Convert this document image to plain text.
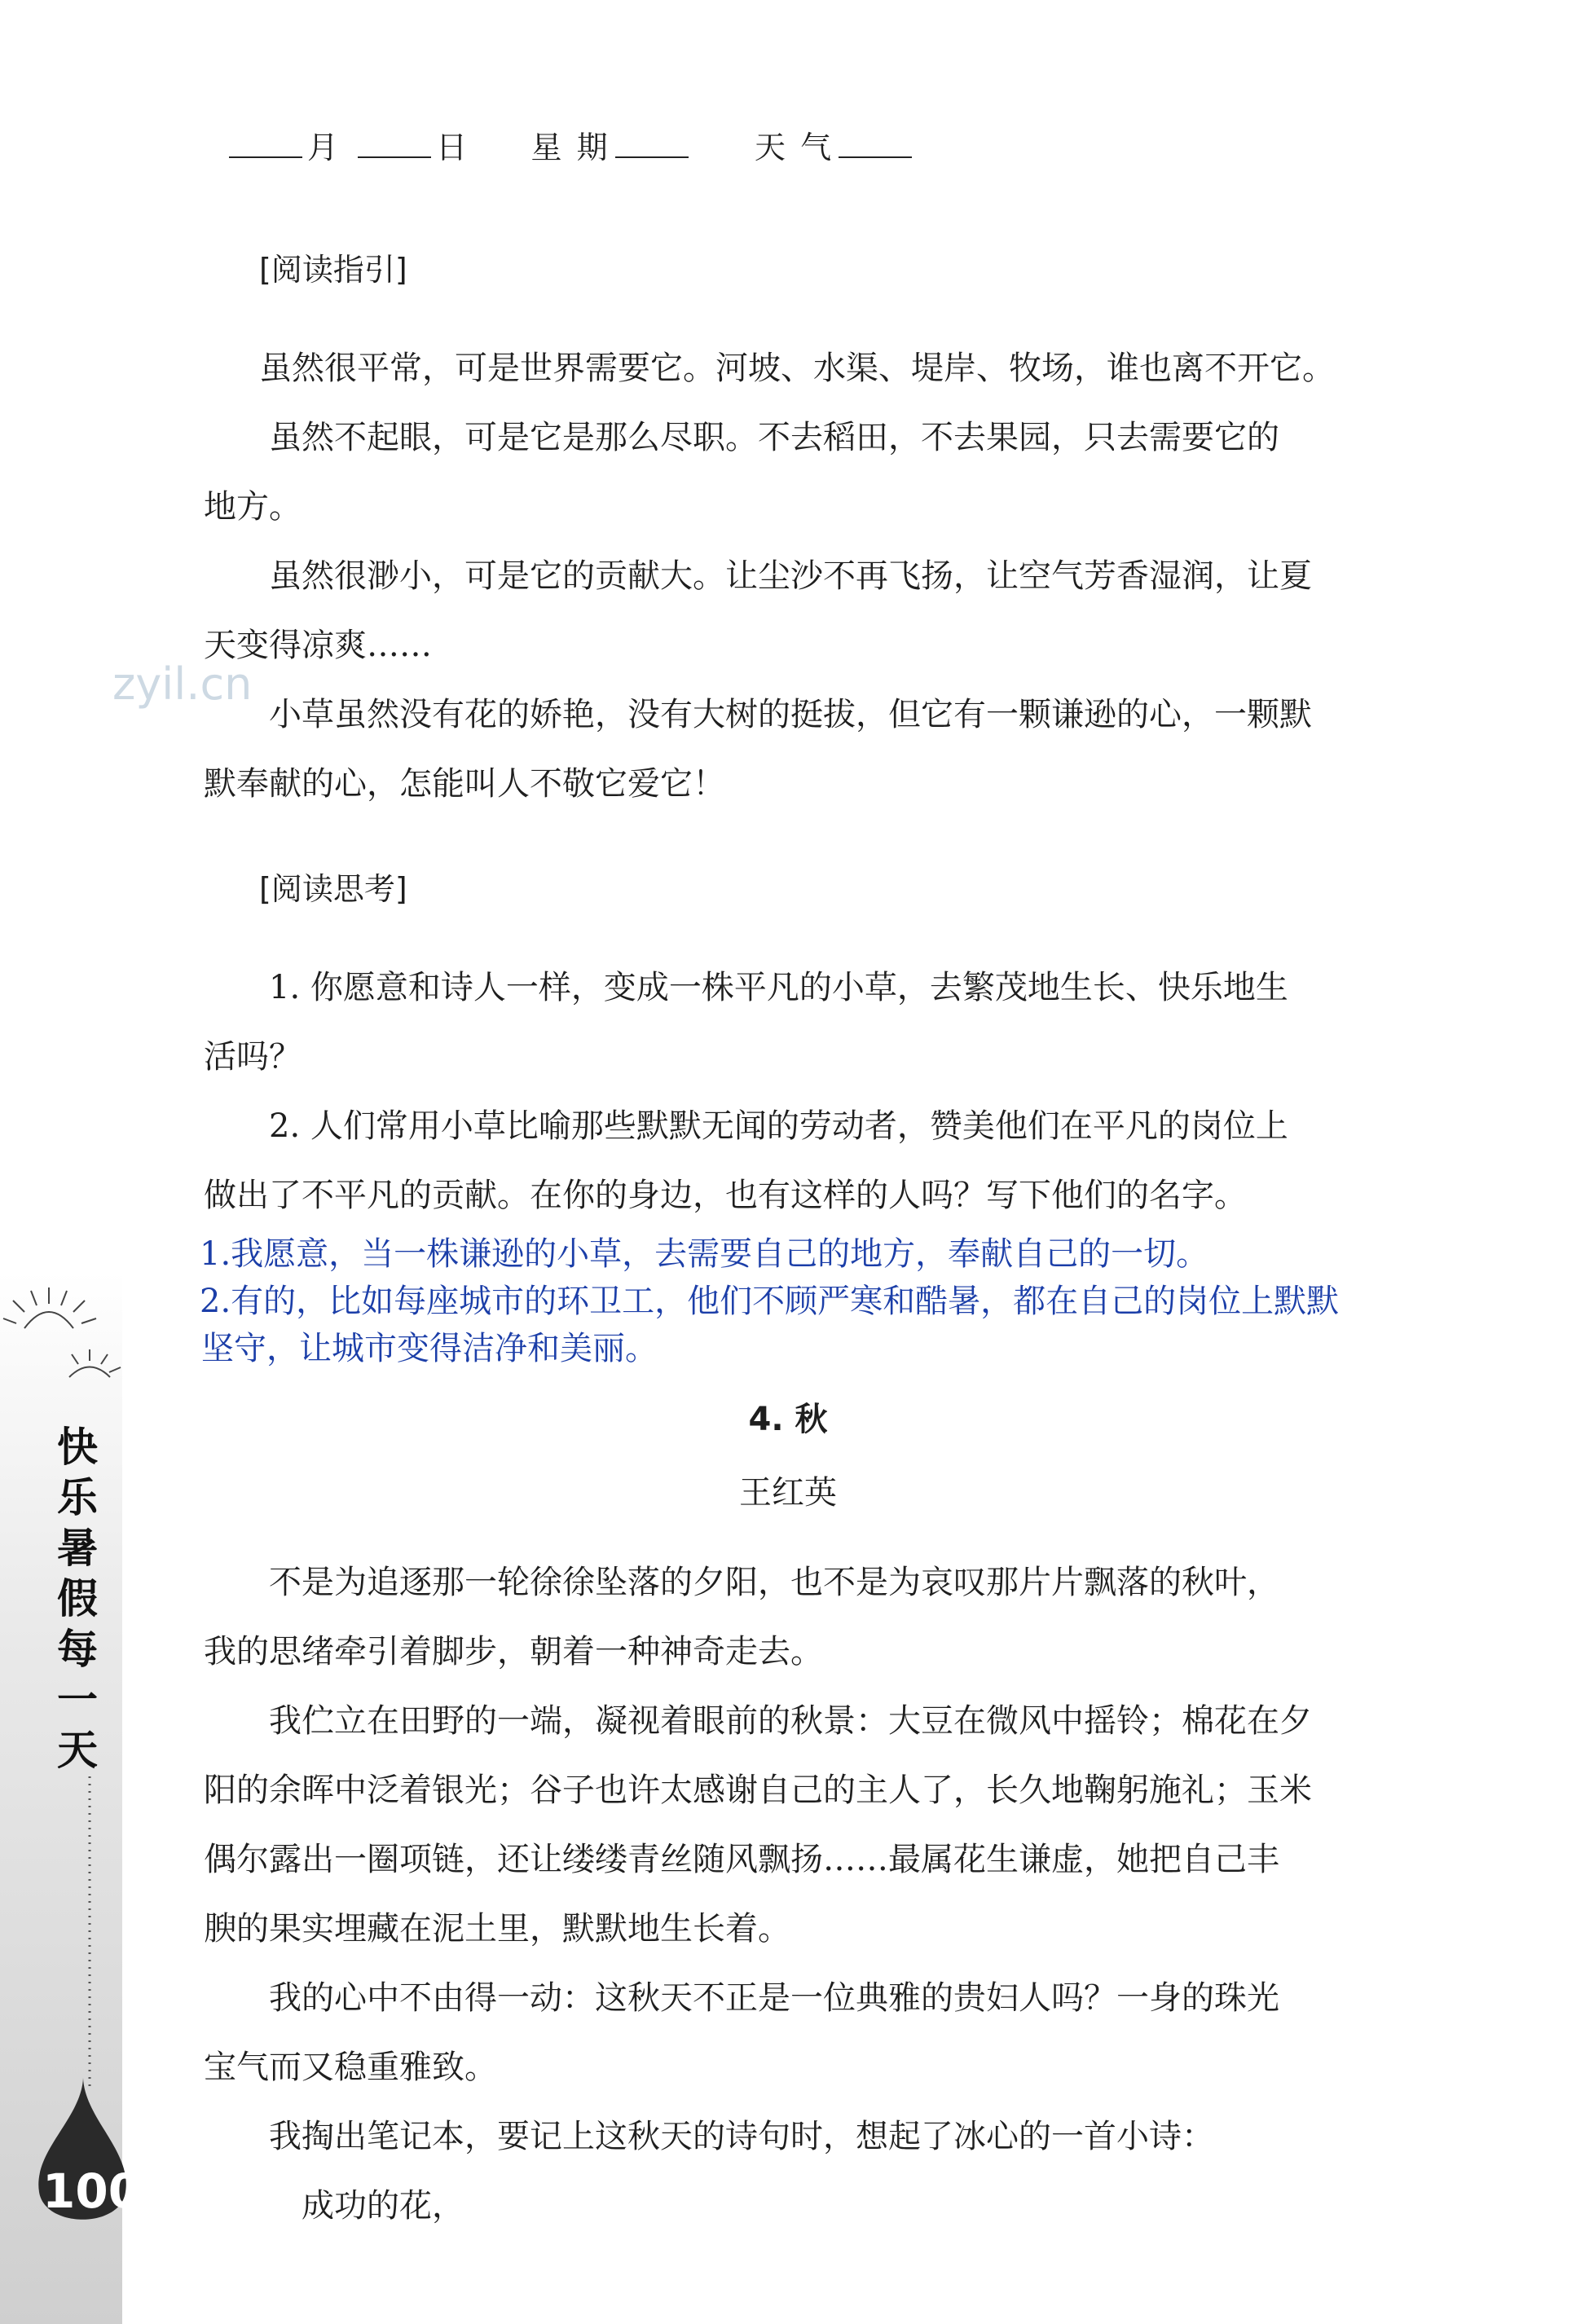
月	日 星 期	天 气
[阅读指引]

虽然很平常，可是世界需要它。河坡、水渠、堤岸、牧场，谁也离不开它。

　　虽然不起眼，可是它是那么尽职。不去稻田，不去果园，只去需要它的

地方。

　　虽然很渺小，可是它的贡献大。让尘沙不再飞扬，让空气芳香湿润，让夏

天变得凉爽……

　　小草虽然没有花的娇艳，没有大树的挺拔，但它有一颗谦逊的心，一颗默

默奉献的心，怎能叫人不敬它爱它！

zyil.cn
[阅读思考]

　　1. 你愿意和诗人一样，变成一株平凡的小草，去繁茂地生长、快乐地生

活吗？

　　2. 人们常用小草比喻那些默默无闻的劳动者，赞美他们在平凡的岗位上

做出了不平凡的贡献。在你的身边，也有这样的人吗？写下他们的名字。

1.我愿意，当一株谦逊的小草，去需要自己的地方，奉献自己的一切。
2.有的，比如每座城市的环卫工，他们不顾严寒和酷暑，都在自己的岗位上默默
坚守，让城市变得洁净和美丽。
4. 秋
王红英

　　不是为追逐那一轮徐徐坠落的夕阳，也不是为哀叹那片片飘落的秋叶，

我的思绪牵引着脚步，朝着一种神奇走去。

　　我伫立在田野的一端，凝视着眼前的秋景：大豆在微风中摇铃；棉花在夕

阳的余晖中泛着银光；谷子也许太感谢自己的主人了，长久地鞠躬施礼；玉米

偶尔露出一圈项链，还让缕缕青丝随风飘扬……最属花生谦虚，她把自己丰

腴的果实埋藏在泥土里，默默地生长着。

　　我的心中不由得一动：这秋天不正是一位典雅的贵妇人吗？一身的珠光

宝气而又稳重雅致。

　　我掏出笔记本，要记上这秋天的诗句时，想起了冰心的一首小诗：

　　　成功的花，

快
乐
暑
假
每
一
天
100
